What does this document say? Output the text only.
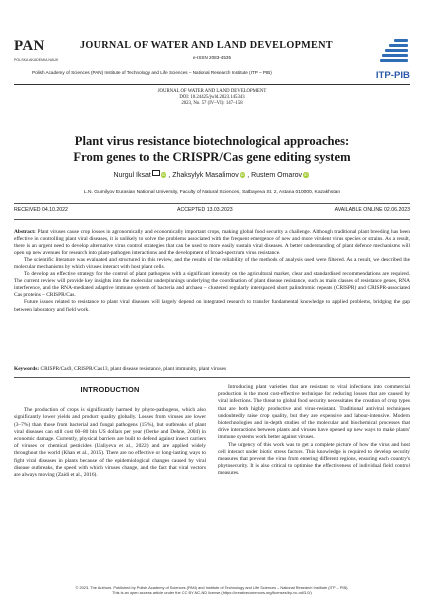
PAN
POLSKA AKADEMIA NAUK
JOURNAL OF WATER AND LAND DEVELOPMENT
e-ISSN 2083-4535
Polish Academy of Sciences (PAN) Institute of Technology and Life Sciences – National Research Institute (ITP – PIB)	ITP-PIB
JOURNAL OF WATER AND LAND DEVELOPMENT
DOI: 10.24425/jwld.2023.145343
2023, No. 57 (IV–VI): 147–158
Plant virus resistance biotechnological approaches:
From genes to the CRISPR/Cas gene editing system
Nurgul Iksat	iD , Zhaksylyk Masalimov iD , Rustem Omarov iD
L.N. Gumilyov Eurasian National University, Faculty of Natural Sciences, Satbayeva St. 2, Astana 010000, Kazakhstan
RECEIVED 04.10.2022	ACCEPTED 13.03.2023	AVAILABLE ONLINE 02.06.2023

Abstract: Plant viruses cause crop losses in agronomically and economically important crops, making global food security a challenge. Although traditional plant breeding has been effective in controlling plant viral diseases, it is unlikely to solve the problems associated with the frequent emergence of new and more virulent virus species or strains. As a result, there is an urgent need to develop alternative virus control strategies that can be used to more easily sustain viral diseases. A better understanding of plant defence mechanisms will open up new avenues for research into plant-pathogen interactions and the development of broad-spectrum virus resistance.

The scientific literature was evaluated and structured in this review, and the results of the reliability of the methods of analysis used were filtered. As a result, we described the molecular mechanisms by which viruses interact with host plant cells.

To develop an effective strategy for the control of plant pathogens with a significant intensity on the agricultural market, clear and standardised recommendations are required. The current review will provide key insights into the molecular underpinnings underlying the coordination of plant disease resistance, such as main classes of resistance genes, RNA interference, and the RNA-mediated adaptive immune system of bacteria and archaea – clustered regularly interspaced short palindromic repeats (CRISPR) and CRISPR-associated Cas proteins – CRISPR/Cas.

Future issues related to resistance to plant viral diseases will largely depend on integrated research to transfer fundamental knowledge to applied problems, bridging the gap between laboratory and field work.

Keywords: CRISPR/Cas9, CRISPR/Cas13, plant disease resistance, plant immunity, plant viruses
INTRODUCTION

The production of crops is significantly harmed by phyto-pathogens, which also significantly lower yields and product quality globally. Losses from viruses are lower (3–7%) than those from bacterial and fungal pathogens (15%), but outbreaks of plant viral diseases can still cost 60–80 bln US dollars per year (Oerke and Dehne, 2004) in economic damage. Currently, physical barriers are built to defend against insect carriers of viruses or chemical pesticides (Ualiyeva et al., 2022) and are applied widely throughout the world (Khan et al., 2015). There are no effective or long-lasting ways to fight viral diseases in plants because of the epidemiological changes caused by viral disease outbreaks, the speed with which viruses change, and the fact that viral vectors are always moving (Zaidi et al., 2016).

Introducing plant varieties that are resistant to viral infections into commercial production is the most cost-effective technique for reducing losses that are caused by viral infections. The threat to global food security necessitates the creation of crop types that are both highly productive and virus-resistant. Traditional antiviral techniques undoubtedly raise crop quality, but they are expensive and labour-intensive. Modern biotechnologies and in-depth studies of the molecular and biochemical processes that drive interactions between plants and viruses have opened up new ways to make plants' immune systems work better against viruses.

The urgency of this work was to get a complete picture of how the virus and host cell interact under biotic stress factors. This knowledge is required to develop security measures that prevent the virus from entering different regions, ensuring each country's phytosecurity. It is also critical to optimise the effectiveness of individual field control measures.

© 2023. The Authors. Published by Polish Academy of Sciences (PAN) and Institute of Technology and Life Sciences – National Research Institute (ITP – PIB).
This is an open access article under the CC BY-NC-ND license (https://creativecommons.org/licenses/by-nc-nd/3.0/)
